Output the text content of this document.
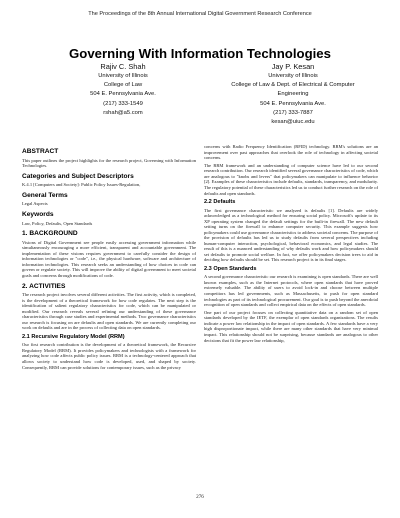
The Proceedings of the 8th Annual International Digital Government Research Conference
Governing With Information Technologies
Rajiv C. Shah
University of Illinois
College of Law
504 E. Pennsylvania Ave.
(217) 333-1549
rshah@a5.com
Jay P. Kesan
University of Illinois
College of Law & Dept. of Electrical & Computer
Engineering
504 E. Pennsylvania Ave.
(217) 333-7887
kesan@uiuc.edu
ABSTRACT

This paper outlines the project highlights for the research project, Governing with Information Technologies.

Categories and Subject Descriptors

K.4.1 [Computers and Society]: Public Policy Issues-Regulation,

General Terms

Legal Aspects

Keywords

Law, Policy, Defaults, Open Standards

1. BACKGROUND

Visions of Digital Government see people easily accessing government information while simultaneously encouraging a more efficient, transparent and accountable government. The implementation of these visions requires government to carefully consider the design of information technologies or "code", i.e., the physical hardware, software and architecture of information technologies. This research seeks an understanding of how choices in code can govern or regulate society. This will improve the ability of digital government to meet societal goals and concerns through modifications of code.

2. ACTIVITIES

The research project involves several different activities. The first activity, which is completed, is the development of a theoretical framework for how code regulates. The next step is the identification of salient regulatory characteristics for code, which can be manipulated or modified. Our research reveals several refining our understanding of these governance characteristics through case studies and experimental methods. Two governance characteristics our research is focusing on are defaults and open standards. We are currently completing our work on defaults and are in the process of collecting data on open standards.

2.1 Recursive Regulatory Model (RRM)

Our first research contribution is the development of a theoretical framework, the Recursive Regulatory Model (RRM). It provides policymakers and technologists with a framework for analyzing how code affects public policy issues. RRM is a technology-centered approach that allows society to understand how code is developed, used, and shaped by society. Consequently, RRM can provide solutions for contemporary issues, such as the privacy

concerns with Radio Frequency Identification (RFID) technology. RRM's solutions are an improvement over past approaches that overlook the role of technology in affecting societal concerns.

The RRM framework and an understanding of computer science have led to our second research contribution. Our research identified several governance characteristics of code, which are analogous to "knobs and levers" that policymakers can manipulate to influence behavior [2]. Examples of these characteristics include defaults, standards, transparency, and modularity. The regulatory potential of these characteristics led us to conduct further research on the role of defaults and open standards.

2.2 Defaults

The first governance characteristic we analyzed is defaults [1]. Defaults are widely acknowledged as a technological method for ensuring social policy. Microsoft's update to its XP operating system changed the default settings for the built-in firewall. The new default setting turns on the firewall to enhance computer security. This example suggests how policymakers could use governance characteristics to address societal concerns. The purpose of the provision of defaults has led us to study defaults from several perspectives including human-computer interaction, psychological, behavioral economics, and legal studies. The result of this is a nuanced understanding of why defaults work and how policymakers should set defaults to promote social welfare. In fact, we offer policymakers decision trees to aid in deciding how defaults should be set. This research project is in its final stages.

2.3 Open Standards

A second governance characteristic our research is examining is open standards. There are well known examples, such as the Internet protocols, where open standards that have proved extremely valuable. The ability of users to avoid lock-in and choose between multiple competitors has led governments, such as Massachusetts, to push for open standard technologies as part of its technological procurement. Our goal is to push beyond the anecdotal recognition of open standards and collect empirical data on the effects of open standards.

One part of our project focuses on collecting quantitative data on a random set of open standards developed by the IETF, the exemplar of open standards organizations. The results indicate a power law relationship in the impact of open standards. A few standards have a very high disproportionate impact, while there are many other standards that have very minimal impact. This relationship should not be surprising, because standards are analogous to other decisions that fit the power law relationship,

276
